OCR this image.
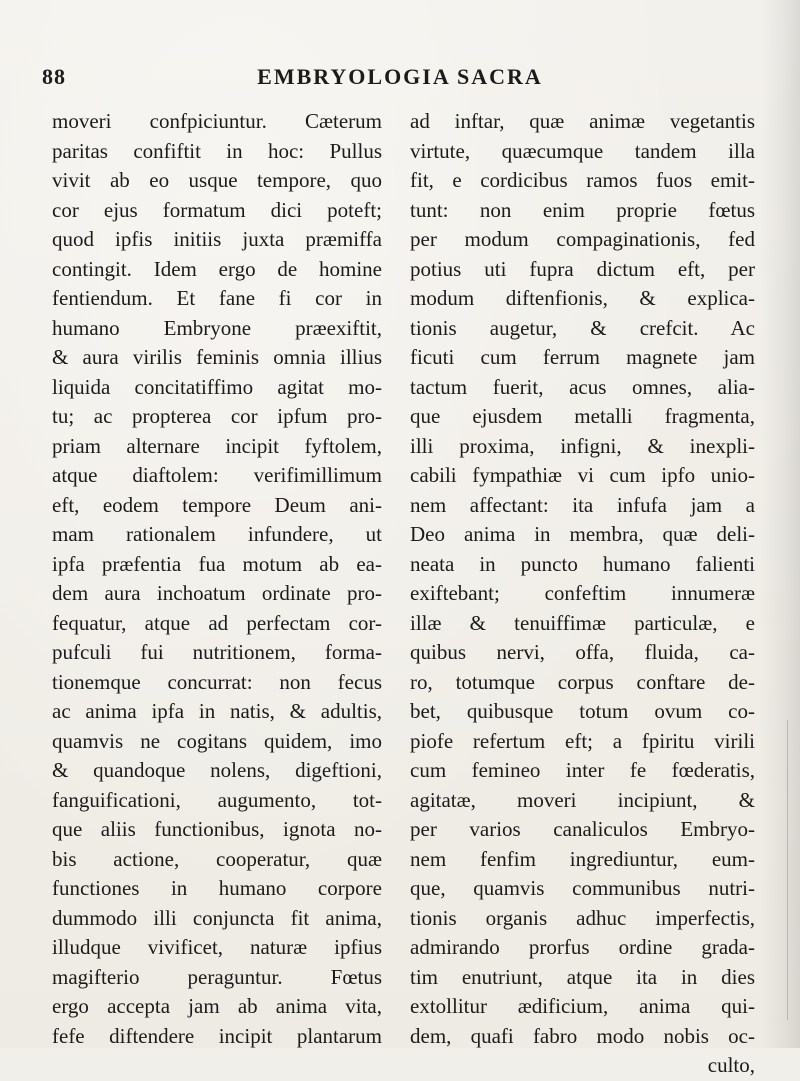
88	EMBRYOLOGIA SACRA
moveri confpiciuntur. Cæterum
paritas confiftit in hoc: Pullus
vivit ab eo usque tempore, quo
cor ejus formatum dici poteft;
quod ipfis initiis juxta præmiffa
contingit. Idem ergo de homine
fentiendum. Et fane fi cor in
humano Embryone præexiftit,
& aura virilis feminis omnia illius
liquida concitatiffimo agitat mo-
tu; ac propterea cor ipfum pro-
priam alternare incipit fyftolem,
atque diaftolem: verifimillimum
eft, eodem tempore Deum ani-
mam rationalem infundere, ut
ipfa præfentia fua motum ab ea-
dem aura inchoatum ordinate pro-
fequatur, atque ad perfectam cor-
pufculi fui nutritionem, forma-
tionemque concurrat: non fecus
ac anima ipfa in natis, & adultis,
quamvis ne cogitans quidem, imo
& quandoque nolens, digeftioni,
fanguificationi, augumento, tot-
que aliis functionibus, ignota no-
bis actione, cooperatur, quæ
functiones in humano corpore
dummodo illi conjuncta fit anima,
illudque vivificet, naturæ ipfius
magifterio peraguntur. Fœtus
ergo accepta jam ab anima vita,
fefe diftendere incipit plantarum
ad inftar, quæ animæ vegetantis
virtute, quæcumque tandem illa
fit, e cordicibus ramos fuos emit-
tunt: non enim proprie fœtus
per modum compaginationis, fed
potius uti fupra dictum eft, per
modum diftenfionis, & explica-
tionis augetur, & crefcit. Ac
ficuti cum ferrum magnete jam
tactum fuerit, acus omnes, alia-
que ejusdem metalli fragmenta,
illi proxima, infigni, & inexpli-
cabili fympathiæ vi cum ipfo unio-
nem affectant: ita infufa jam a
Deo anima in membra, quæ deli-
neata in puncto humano falienti
exiftebant; confeftim innumeræ
illæ & tenuiffimæ particulæ, e
quibus nervi, offa, fluida, ca-
ro, totumque corpus conftare de-
bet, quibusque totum ovum co-
piofe refertum eft; a fpiritu virili
cum femineo inter fe fœderatis,
agitatæ, moveri incipiunt, &
per varios canaliculos Embryo-
nem fenfim ingrediuntur, eum-
que, quamvis communibus nutri-
tionis organis adhuc imperfectis,
admirando prorfus ordine grada-
tim enutriunt, atque ita in dies
extollitur ædificium, anima qui-
dem, quafi fabro modo nobis oc-
culto,
